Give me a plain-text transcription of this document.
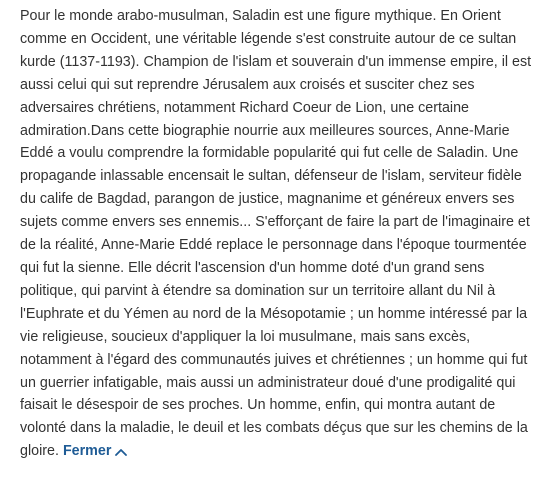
Pour le monde arabo-musulman, Saladin est une figure mythique. En Orient comme en Occident, une véritable légende s'est construite autour de ce sultan kurde (1137-1193). Champion de l'islam et souverain d'un immense empire, il est aussi celui qui sut reprendre Jérusalem aux croisés et susciter chez ses adversaires chrétiens, notamment Richard Coeur de Lion, une certaine admiration.Dans cette biographie nourrie aux meilleures sources, Anne-Marie Eddé a voulu comprendre la formidable popularité qui fut celle de Saladin. Une propagande inlassable encensait le sultan, défenseur de l'islam, serviteur fidèle du calife de Bagdad, parangon de justice, magnanime et généreux envers ses sujets comme envers ses ennemis... S'efforçant de faire la part de l'imaginaire et de la réalité, Anne-Marie Eddé replace le personnage dans l'époque tourmentée qui fut la sienne. Elle décrit l'ascension d'un homme doté d'un grand sens politique, qui parvint à étendre sa domination sur un territoire allant du Nil à l'Euphrate et du Yémen au nord de la Mésopotamie ; un homme intéressé par la vie religieuse, soucieux d'appliquer la loi musulmane, mais sans excès, notamment à l'égard des communautés juives et chrétiennes ; un homme qui fut un guerrier infatigable, mais aussi un administrateur doué d'une prodigalité qui faisait le désespoir de ses proches. Un homme, enfin, qui montra autant de volonté dans la maladie, le deuil et les combats déçus que sur les chemins de la gloire. Fermer
